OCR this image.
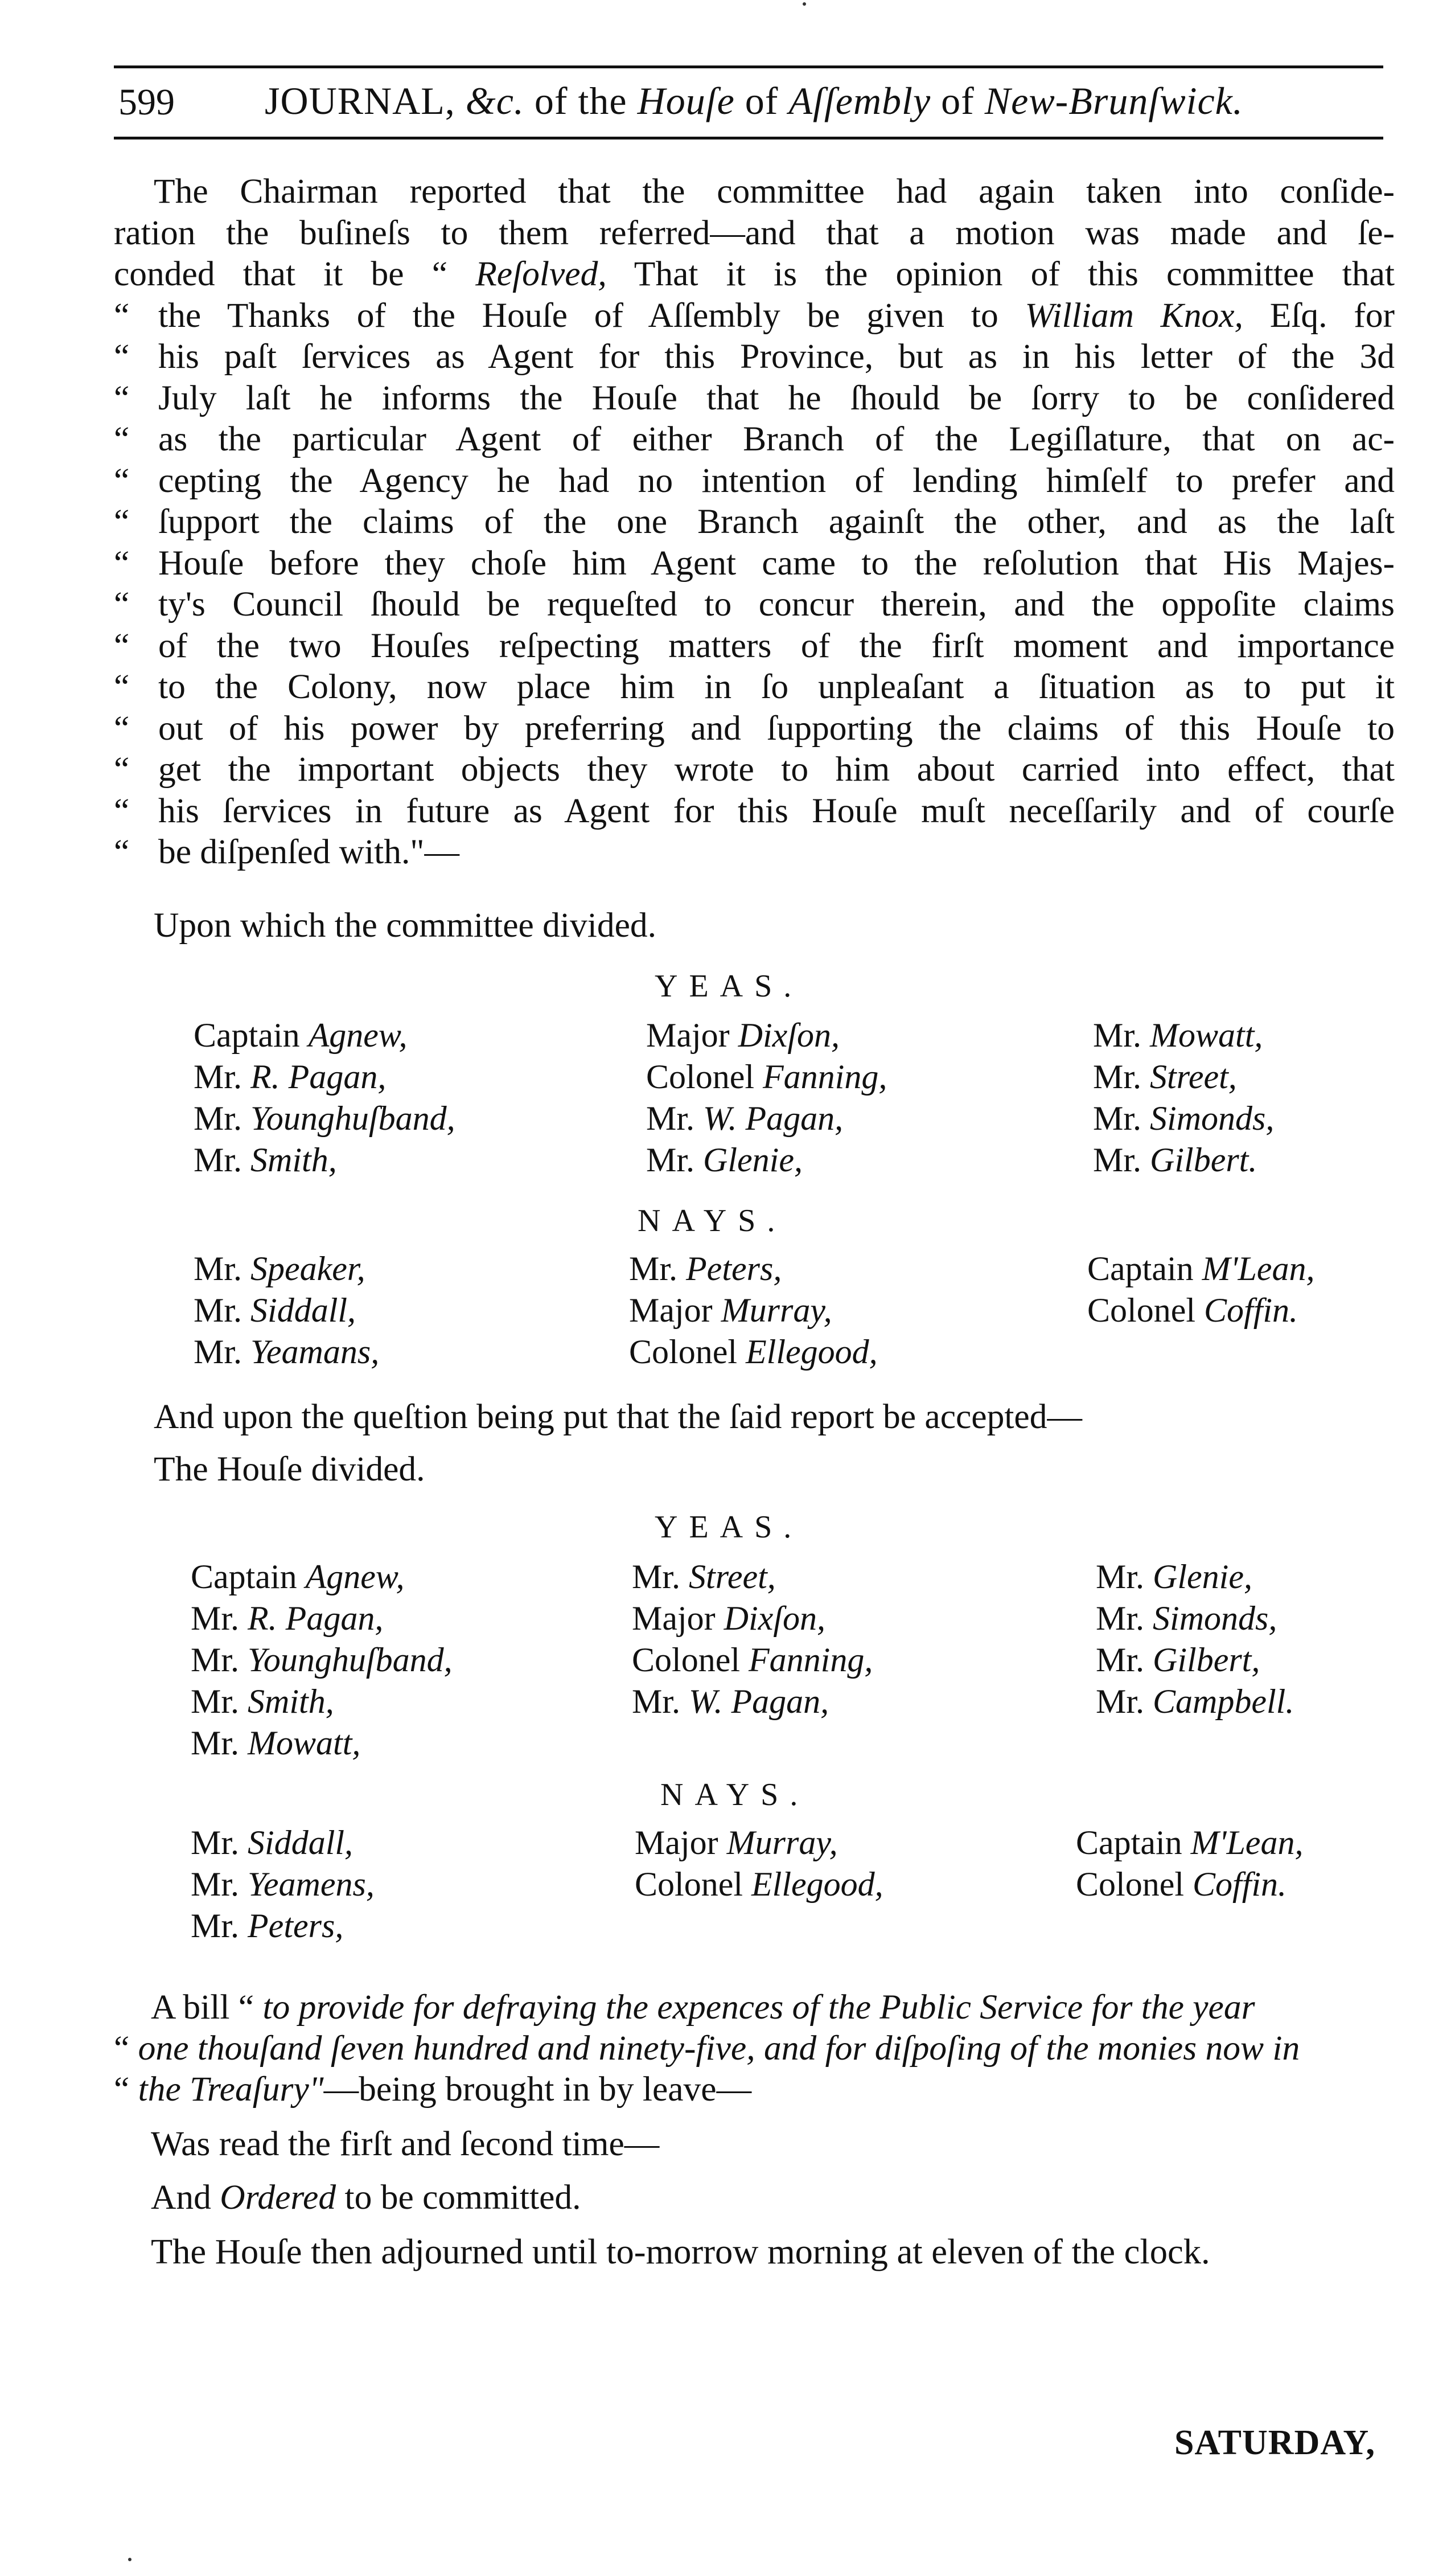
599 JOURNAL, &c. of the Houſe of Aſſembly of New-Brunſwick.
The Chairman reported that the committee had again taken into conſide-
ration the buſineſs to them referred—and that a motion was made and ſe-
conded that it be “ Reſolved, That it is the opinion of this committee that
“ the Thanks of the Houſe of Aſſembly be given to William Knox, Eſq. for
“ his paſt ſervices as Agent for this Province, but as in his letter of the 3d
“ July laſt he informs the Houſe that he ſhould be ſorry to be conſidered
“ as the particular Agent of either Branch of the Legiſlature, that on ac-
“ cepting the Agency he had no intention of lending himſelf to prefer and
“ ſupport the claims of the one Branch againſt the other, and as the laſt
“ Houſe before they choſe him Agent came to the reſolution that His Majes-
“ ty's Council ſhould be requeſted to concur therein, and the oppoſite claims
“ of the two Houſes reſpecting matters of the firſt moment and importance
“ to the Colony, now place him in ſo unpleaſant a ſituation as to put it
“ out of his power by preferring and ſupporting the claims of this Houſe to
“ get the important objects they wrote to him about carried into effect, that
“ his ſervices in future as Agent for this Houſe muſt neceſſarily and of courſe
“ be diſpenſed with."—
Upon which the committee divided.
YEAS.
Captain Agnew,
Mr. R. Pagan,
Mr. Younghuſband,
Mr. Smith,
Major Dixſon,
Colonel Fanning,
Mr. W. Pagan,
Mr. Glenie,
Mr. Mowatt,
Mr. Street,
Mr. Simonds,
Mr. Gilbert.
NAYS.
Mr. Speaker,
Mr. Siddall,
Mr. Yeamans,
Mr. Peters,
Major Murray,
Colonel Ellegood,
Captain M'Lean,
Colonel Coffin.
And upon the queſtion being put that the ſaid report be accepted—
The Houſe divided.
YEAS.
Captain Agnew,
Mr. R. Pagan,
Mr. Younghuſband,
Mr. Smith,
Mr. Mowatt,
Mr. Street,
Major Dixſon,
Colonel Fanning,
Mr. W. Pagan,
Mr. Glenie,
Mr. Simonds,
Mr. Gilbert,
Mr. Campbell.
NAYS.
Mr. Siddall,
Mr. Yeamens,
Mr. Peters,
Major Murray,
Colonel Ellegood,
Captain M'Lean,
Colonel Coffin.
A bill “ to provide for defraying the expences of the Public Service for the year
“ one thouſand ſeven hundred and ninety-five, and for diſpoſing of the monies now in
“ the Treaſury"—being brought in by leave—
Was read the firſt and ſecond time—
And Ordered to be committed.
The Houſe then adjourned until to-morrow morning at eleven of the clock.
SATURDAY,
